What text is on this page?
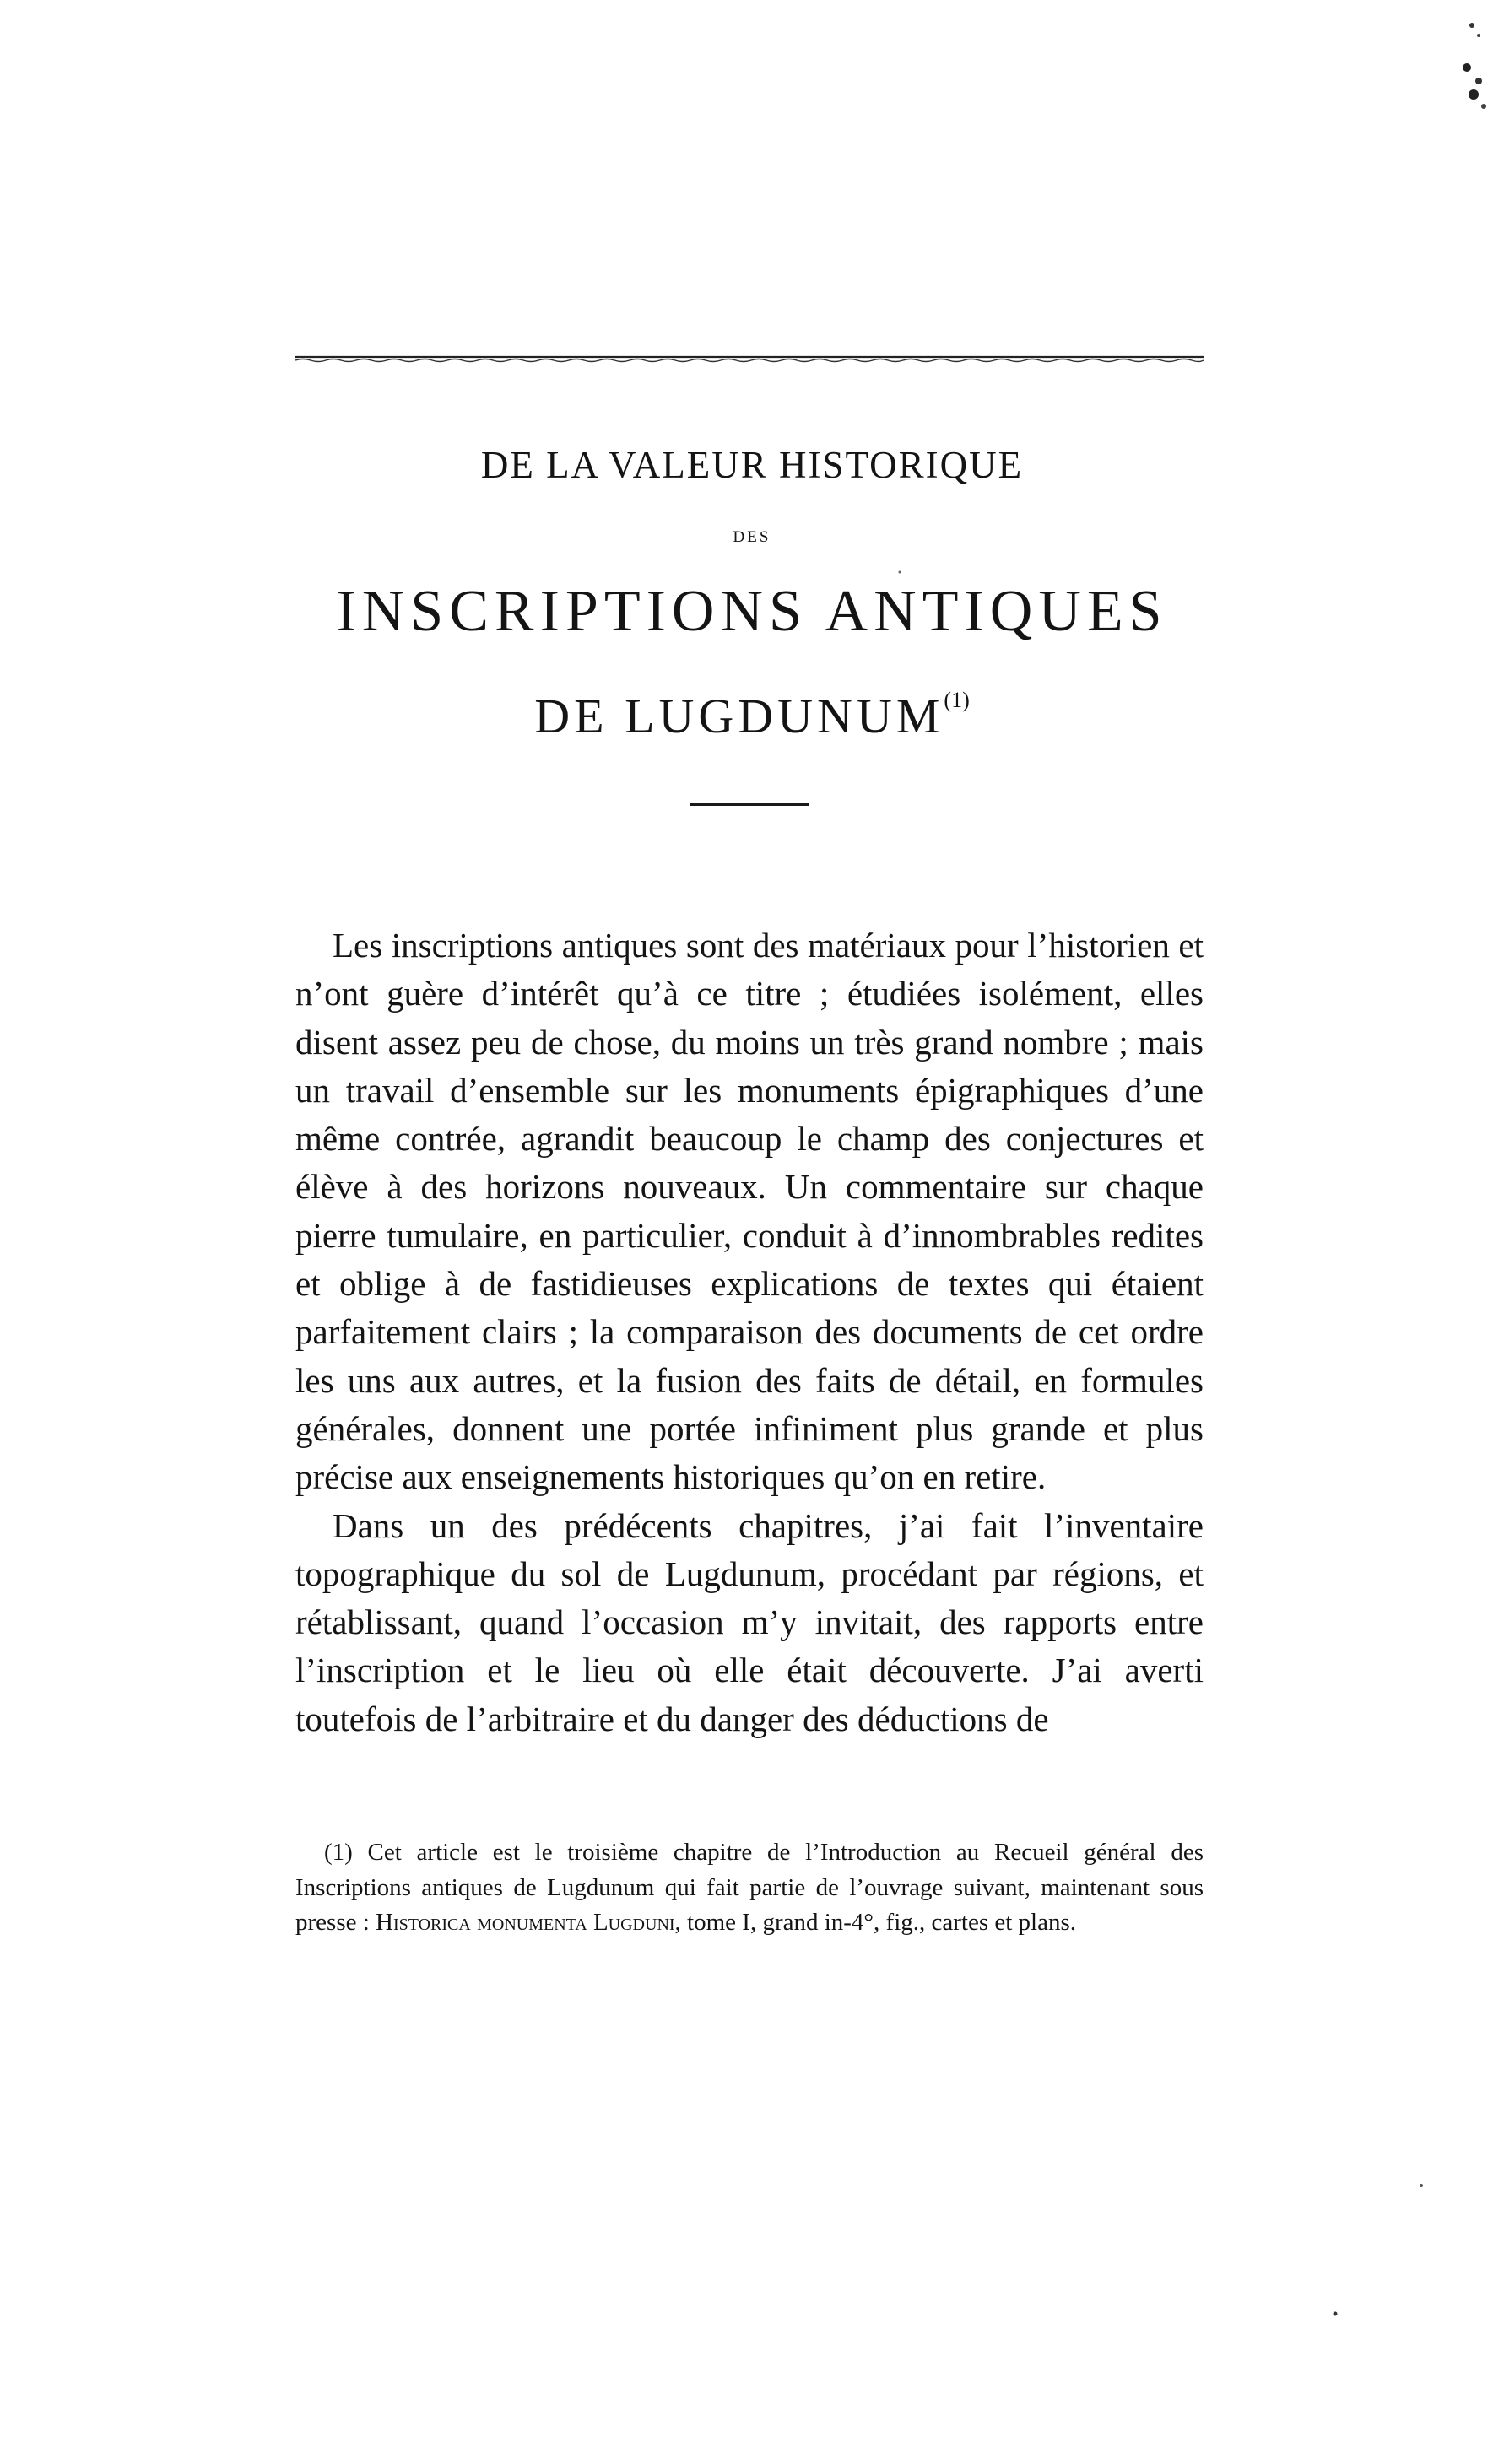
DE LA VALEUR HISTORIQUE
DES
INSCRIPTIONS ANTIQUES
DE LUGDUNUM$^{(1)}$

Les inscriptions antiques sont des matériaux pour l’historien et n’ont guère d’intérêt qu’à ce titre ; étudiées isolément, elles disent assez peu de chose, du moins un très grand nombre ; mais un travail d’ensemble sur les monuments épigraphiques d’une même contrée, agrandit beaucoup le champ des conjectures et élève à des horizons nouveaux. Un commentaire sur chaque pierre tumulaire, en particulier, conduit à d’innombrables redites et oblige à de fastidieuses explications de textes qui étaient parfaitement clairs ; la comparaison des documents de cet ordre les uns aux autres, et la fusion des faits de détail, en formules générales, donnent une portée infiniment plus grande et plus précise aux enseignements historiques qu’on en retire.

Dans un des prédécents chapitres, j’ai fait l’inventaire topographique du sol de Lugdunum, procédant par régions, et rétablissant, quand l’occasion m’y invitait, des rapports entre l’inscription et le lieu où elle était découverte. J’ai averti toutefois de l’arbitraire et du danger des déductions de

(1) Cet article est le troisième chapitre de l’Introduction au Recueil général des Inscriptions antiques de Lugdunum qui fait partie de l’ouvrage suivant, maintenant sous presse : Historica monumenta Lugduni, tome I, grand in-4°, fig., cartes et plans.
